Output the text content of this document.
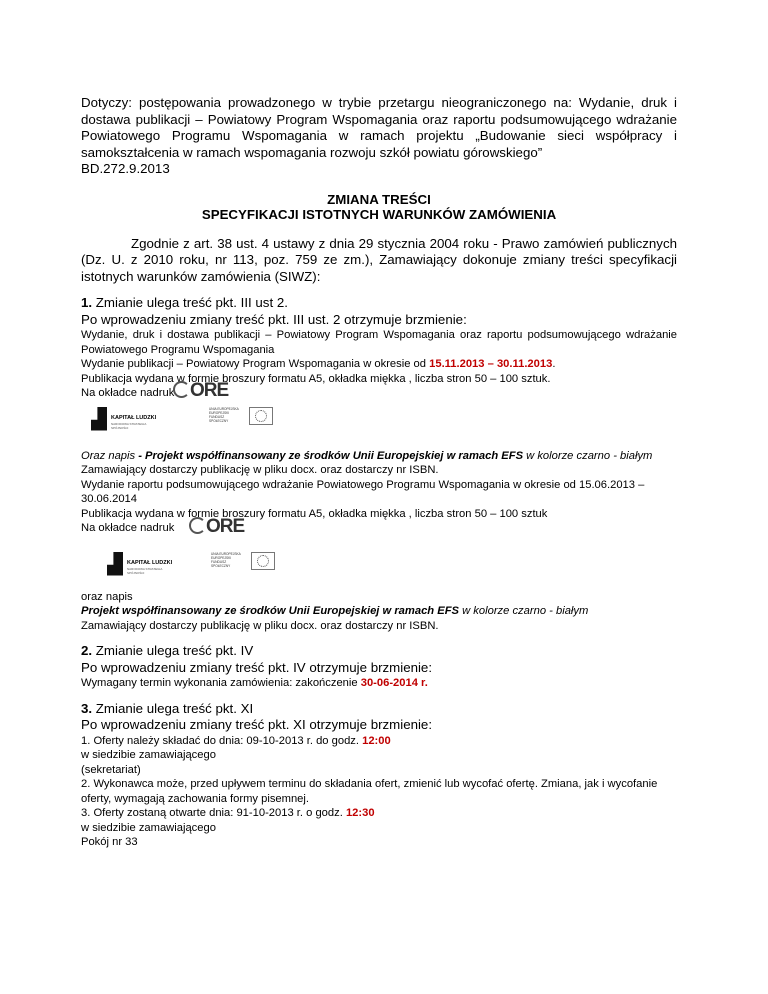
Dotyczy: postępowania prowadzonego w trybie przetargu nieograniczonego na: Wydanie, druk i dostawa publikacji – Powiatowy Program Wspomagania oraz raportu podsumowującego wdrażanie Powiatowego Programu Wspomagania w ramach projektu „Budowanie sieci współpracy i samokształcenia w ramach wspomagania rozwoju szkół powiatu górowskiego”
BD.272.9.2013
ZMIANA TREŚCI
SPECYFIKACJI ISTOTNYCH WARUNKÓW ZAMÓWIENIA
Zgodnie z art. 38 ust. 4 ustawy z dnia 29 stycznia 2004 roku - Prawo zamówień publicznych (Dz. U. z 2010 roku, nr 113, poz. 759 ze zm.), Zamawiający dokonuje zmiany treści specyfikacji istotnych warunków zamówienia (SIWZ):
1. Zmianie ulega treść pkt. III ust 2.
Po wprowadzeniu zmiany treść pkt. III ust. 2 otrzymuje brzmienie:
Wydanie, druk i dostawa publikacji – Powiatowy Program Wspomagania oraz raportu podsumowującego wdrażanie Powiatowego Programu Wspomagania
Wydanie publikacji – Powiatowy Program Wspomagania w okresie od 15.11.2013 – 30.11.2013.
Publikacja wydana w formie broszury formatu A5, okładka miękka , liczba stron 50 – 100 sztuk.
Na okładce nadruk ORE
KAPITAŁ LUDZKI
NARODOWA STRATEGIA SPÓJNOŚCI
UNIA EUROPEJSKA EUROPEJSKI FUNDUSZ SPOŁECZNY
Oraz napis - Projekt współfinansowany ze środków Unii Europejskiej w ramach EFS w kolorze czarno - białym
Zamawiający dostarczy publikację w pliku docx. oraz dostarczy nr ISBN.
Wydanie raportu podsumowującego wdrażanie Powiatowego Programu Wspomagania w okresie od 15.06.2013 – 30.06.2014
Publikacja wydana w formie broszury formatu A5, okładka miękka , liczba stron 50 – 100 sztuk
Na okładce nadruk	ORE
KAPITAŁ LUDZKI
NARODOWA STRATEGIA SPÓJNOŚCI
UNIA EUROPEJSKA EUROPEJSKI FUNDUSZ SPOŁECZNY
oraz napis
Projekt współfinansowany ze środków Unii Europejskiej w ramach EFS w kolorze czarno - białym
Zamawiający dostarczy publikację w pliku docx. oraz dostarczy nr ISBN.
2. Zmianie ulega treść pkt. IV
Po wprowadzeniu zmiany treść pkt. IV otrzymuje brzmienie:
Wymagany termin wykonania zamówienia: zakończenie 30-06-2014 r.
3. Zmianie ulega treść pkt. XI
Po wprowadzeniu zmiany treść pkt. XI otrzymuje brzmienie:
1. Oferty należy składać do dnia: 09-10-2013 r. do godz. 12:00
w siedzibie zamawiającego
(sekretariat)
2. Wykonawca może, przed upływem terminu do składania ofert, zmienić lub wycofać ofertę. Zmiana, jak i wycofanie oferty, wymagają zachowania formy pisemnej.
3. Oferty zostaną otwarte dnia: 91-10-2013 r. o godz. 12:30
w siedzibie zamawiającego
Pokój nr 33
